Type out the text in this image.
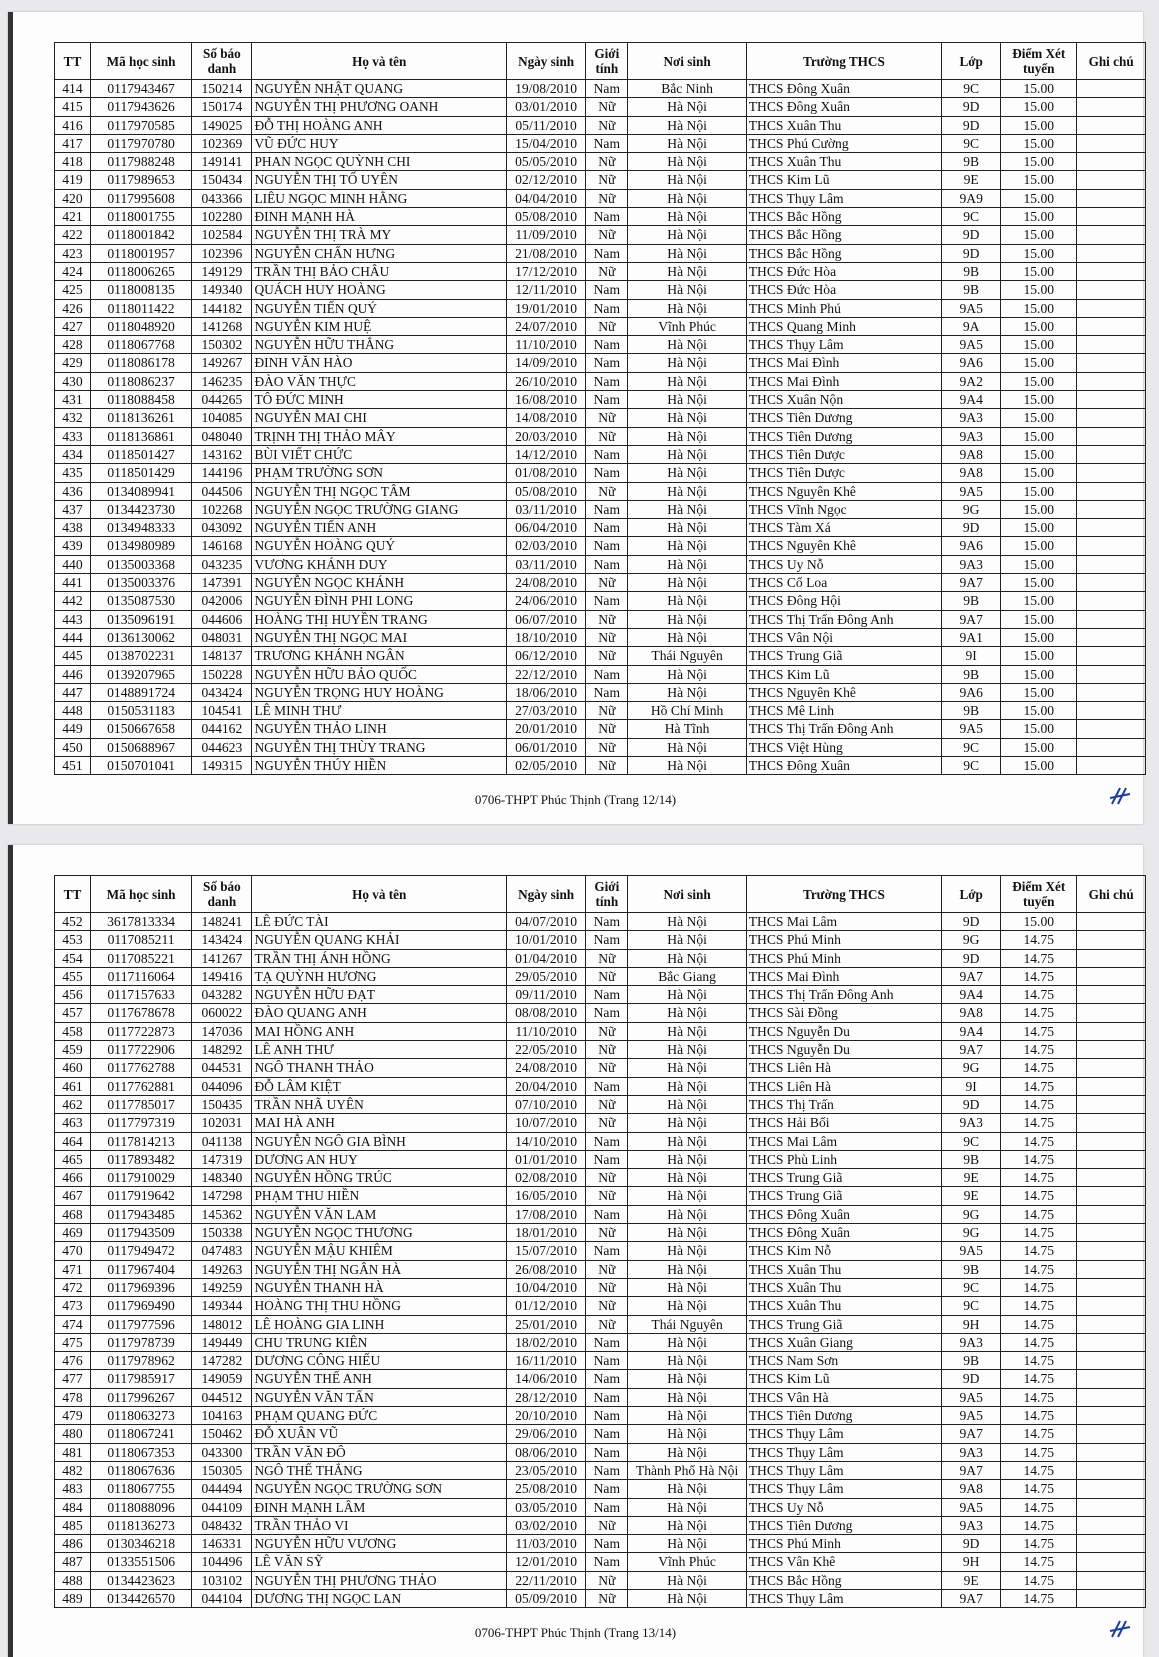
TT	Mã học sinh	Số báo danh	Họ và tên	Ngày sinh	Giới tính	Nơi sinh	Trường THCS	Lớp	Điểm Xét tuyển	Ghi chú
414	0117943467	150214	NGUYỄN NHẬT QUANG	19/08/2010	Nam	Bắc Ninh	THCS Đông Xuân	9C	15.00	
415	0117943626	150174	NGUYỄN THỊ PHƯƠNG OANH	03/01/2010	Nữ	Hà Nội	THCS Đông Xuân	9D	15.00	
416	0117970585	149025	ĐỖ THỊ HOÀNG ANH	05/11/2010	Nữ	Hà Nội	THCS Xuân Thu	9D	15.00	
417	0117970780	102369	VŨ ĐỨC HUY	15/04/2010	Nam	Hà Nội	THCS Phú Cường	9C	15.00	
418	0117988248	149141	PHAN NGỌC QUỲNH CHI	05/05/2010	Nữ	Hà Nội	THCS Xuân Thu	9B	15.00	
419	0117989653	150434	NGUYỄN THỊ TỐ UYÊN	02/12/2010	Nữ	Hà Nội	THCS Kim Lũ	9E	15.00	
420	0117995608	043366	LIÊU NGỌC MINH HẰNG	04/04/2010	Nữ	Hà Nội	THCS Thụy Lâm	9A9	15.00	
421	0118001755	102280	ĐINH MẠNH HÀ	05/08/2010	Nam	Hà Nội	THCS Bắc Hồng	9C	15.00	
422	0118001842	102584	NGUYỄN THỊ TRÀ MY	11/09/2010	Nữ	Hà Nội	THCS Bắc Hồng	9D	15.00	
423	0118001957	102396	NGUYỄN CHẤN HƯNG	21/08/2010	Nam	Hà Nội	THCS Bắc Hồng	9D	15.00	
424	0118006265	149129	TRẦN THỊ BẢO CHÂU	17/12/2010	Nữ	Hà Nội	THCS Đức Hòa	9B	15.00	
425	0118008135	149340	QUÁCH HUY HOÀNG	12/11/2010	Nam	Hà Nội	THCS Đức Hòa	9B	15.00	
426	0118011422	144182	NGUYỄN TIẾN QUÝ	19/01/2010	Nam	Hà Nội	THCS Minh Phú	9A5	15.00	
427	0118048920	141268	NGUYỄN KIM HUỆ	24/07/2010	Nữ	Vĩnh Phúc	THCS Quang Minh	9A	15.00	
428	0118067768	150302	NGUYỄN HỮU THẮNG	11/10/2010	Nam	Hà Nội	THCS Thụy Lâm	9A5	15.00	
429	0118086178	149267	ĐINH VĂN HÀO	14/09/2010	Nam	Hà Nội	THCS Mai Đình	9A6	15.00	
430	0118086237	146235	ĐÀO VĂN THỰC	26/10/2010	Nam	Hà Nội	THCS Mai Đình	9A2	15.00	
431	0118088458	044265	TÔ ĐỨC MINH	16/08/2010	Nam	Hà Nội	THCS Xuân Nộn	9A4	15.00	
432	0118136261	104085	NGUYỄN MAI CHI	14/08/2010	Nữ	Hà Nội	THCS Tiên Dương	9A3	15.00	
433	0118136861	048040	TRỊNH THỊ THẢO MÂY	20/03/2010	Nữ	Hà Nội	THCS Tiên Dương	9A3	15.00	
434	0118501427	143162	BÙI VIẾT CHỨC	14/12/2010	Nam	Hà Nội	THCS Tiên Dược	9A8	15.00	
435	0118501429	144196	PHẠM TRƯỜNG SƠN	01/08/2010	Nam	Hà Nội	THCS Tiên Dược	9A8	15.00	
436	0134089941	044506	NGUYỄN THỊ NGỌC TÂM	05/08/2010	Nữ	Hà Nội	THCS Nguyên Khê	9A5	15.00	
437	0134423730	102268	NGUYỄN NGỌC TRƯỜNG GIANG	03/11/2010	Nam	Hà Nội	THCS Vĩnh Ngọc	9G	15.00	
438	0134948333	043092	NGUYỄN TIẾN ANH	06/04/2010	Nam	Hà Nội	THCS Tàm Xá	9D	15.00	
439	0134980989	146168	NGUYỄN HOÀNG QUÝ	02/03/2010	Nam	Hà Nội	THCS Nguyên Khê	9A6	15.00	
440	0135003368	043235	VƯƠNG KHÁNH DUY	03/11/2010	Nam	Hà Nội	THCS Uy Nỗ	9A3	15.00	
441	0135003376	147391	NGUYỄN NGỌC KHÁNH	24/08/2010	Nữ	Hà Nội	THCS Cổ Loa	9A7	15.00	
442	0135087530	042006	NGUYỄN ĐÌNH PHI LONG	24/06/2010	Nam	Hà Nội	THCS Đông Hội	9B	15.00	
443	0135096191	044606	HOÀNG THỊ HUYỀN TRANG	06/07/2010	Nữ	Hà Nội	THCS Thị Trấn Đông Anh	9A7	15.00	
444	0136130062	048031	NGUYỄN THỊ NGỌC MAI	18/10/2010	Nữ	Hà Nội	THCS Vân Nội	9A1	15.00	
445	0138702231	148137	TRƯƠNG KHÁNH NGÂN	06/12/2010	Nữ	Thái Nguyên	THCS Trung Giã	9I	15.00	
446	0139207965	150228	NGUYỄN HỮU BẢO QUỐC	22/12/2010	Nam	Hà Nội	THCS Kim Lũ	9B	15.00	
447	0148891724	043424	NGUYỄN TRỌNG HUY HOÀNG	18/06/2010	Nam	Hà Nội	THCS Nguyên Khê	9A6	15.00	
448	0150531183	104541	LÊ MINH THƯ	27/03/2010	Nữ	Hồ Chí Minh	THCS Mê Linh	9B	15.00	
449	0150667658	044162	NGUYỄN THẢO LINH	20/01/2010	Nữ	Hà Tĩnh	THCS Thị Trấn Đông Anh	9A5	15.00	
450	0150688967	044623	NGUYỄN THỊ THÙY TRANG	06/01/2010	Nữ	Hà Nội	THCS Việt Hùng	9C	15.00	
451	0150701041	149315	NGUYỄN THÚY HIỀN	02/05/2010	Nữ	Hà Nội	THCS Đông Xuân	9C	15.00	
0706-THPT Phúc Thịnh (Trang 12/14)
TT	Mã học sinh	Số báo danh	Họ và tên	Ngày sinh	Giới tính	Nơi sinh	Trường THCS	Lớp	Điểm Xét tuyển	Ghi chú
452	3617813334	148241	LÊ ĐỨC TÀI	04/07/2010	Nam	Hà Nội	THCS Mai Lâm	9D	15.00	
453	0117085211	143424	NGUYỄN QUANG KHẢI	10/01/2010	Nam	Hà Nội	THCS Phú Minh	9G	14.75	
454	0117085221	141267	TRẦN THỊ ÁNH HỒNG	01/04/2010	Nữ	Hà Nội	THCS Phú Minh	9D	14.75	
455	0117116064	149416	TẠ QUỲNH HƯƠNG	29/05/2010	Nữ	Bắc Giang	THCS Mai Đình	9A7	14.75	
456	0117157633	043282	NGUYỄN HỮU ĐẠT	09/11/2010	Nam	Hà Nội	THCS Thị Trấn Đông Anh	9A4	14.75	
457	0117678678	060022	ĐÀO QUANG ANH	08/08/2010	Nam	Hà Nội	THCS Sài Đồng	9A8	14.75	
458	0117722873	147036	MAI HỒNG ANH	11/10/2010	Nữ	Hà Nội	THCS Nguyễn Du	9A4	14.75	
459	0117722906	148292	LÊ ANH THƯ	22/05/2010	Nữ	Hà Nội	THCS Nguyễn Du	9A7	14.75	
460	0117762788	044531	NGÔ THANH THẢO	24/08/2010	Nữ	Hà Nội	THCS Liên Hà	9G	14.75	
461	0117762881	044096	ĐỖ LÂM KIỆT	20/04/2010	Nam	Hà Nội	THCS Liên Hà	9I	14.75	
462	0117785017	150435	TRẦN NHÃ UYÊN	07/10/2010	Nữ	Hà Nội	THCS Thị Trấn	9D	14.75	
463	0117797319	102031	MAI HÀ ANH	10/07/2010	Nữ	Hà Nội	THCS Hải Bối	9A3	14.75	
464	0117814213	041138	NGUYỄN NGÔ GIA BÌNH	14/10/2010	Nam	Hà Nội	THCS Mai Lâm	9C	14.75	
465	0117893482	147319	DƯƠNG AN HUY	01/01/2010	Nam	Hà Nội	THCS Phù Linh	9B	14.75	
466	0117910029	148340	NGUYỄN HỒNG TRÚC	02/08/2010	Nữ	Hà Nội	THCS Trung Giã	9E	14.75	
467	0117919642	147298	PHẠM THU HIỀN	16/05/2010	Nữ	Hà Nội	THCS Trung Giã	9E	14.75	
468	0117943485	145362	NGUYỄN VĂN LAM	17/08/2010	Nam	Hà Nội	THCS Đông Xuân	9G	14.75	
469	0117943509	150338	NGUYỄN NGỌC THƯƠNG	18/01/2010	Nữ	Hà Nội	THCS Đông Xuân	9G	14.75	
470	0117949472	047483	NGUYỄN MẬU KHIÊM	15/07/2010	Nam	Hà Nội	THCS Kim Nỗ	9A5	14.75	
471	0117967404	149263	NGUYỄN THỊ NGÂN HÀ	26/08/2010	Nữ	Hà Nội	THCS Xuân Thu	9B	14.75	
472	0117969396	149259	NGUYỄN THANH HÀ	10/04/2010	Nữ	Hà Nội	THCS Xuân Thu	9C	14.75	
473	0117969490	149344	HOÀNG THỊ THU HỒNG	01/12/2010	Nữ	Hà Nội	THCS Xuân Thu	9C	14.75	
474	0117977596	148012	LÊ HOÀNG GIA LINH	25/01/2010	Nữ	Thái Nguyên	THCS Trung Giã	9H	14.75	
475	0117978739	149449	CHU TRUNG KIÊN	18/02/2010	Nam	Hà Nội	THCS Xuân Giang	9A3	14.75	
476	0117978962	147282	DƯƠNG CÔNG HIẾU	16/11/2010	Nam	Hà Nội	THCS Nam Sơn	9B	14.75	
477	0117985917	149059	NGUYỄN THẾ ANH	14/06/2010	Nam	Hà Nội	THCS Kim Lũ	9D	14.75	
478	0117996267	044512	NGUYỄN VĂN TẤN	28/12/2010	Nam	Hà Nội	THCS Vân Hà	9A5	14.75	
479	0118063273	104163	PHẠM QUANG ĐỨC	20/10/2010	Nam	Hà Nội	THCS Tiên Dương	9A5	14.75	
480	0118067241	150462	ĐỖ XUÂN VŨ	29/06/2010	Nam	Hà Nội	THCS Thụy Lâm	9A7	14.75	
481	0118067353	043300	TRẦN VĂN ĐÔ	08/06/2010	Nam	Hà Nội	THCS Thụy Lâm	9A3	14.75	
482	0118067636	150305	NGÔ THẾ THẮNG	23/05/2010	Nam	Thành Phố Hà Nội	THCS Thụy Lâm	9A7	14.75	
483	0118067755	044494	NGUYỄN NGỌC TRƯỜNG SƠN	25/08/2010	Nam	Hà Nội	THCS Thụy Lâm	9A8	14.75	
484	0118088096	044109	ĐINH MẠNH LÂM	03/05/2010	Nam	Hà Nội	THCS Uy Nỗ	9A5	14.75	
485	0118136273	048432	TRẦN THẢO VI	03/02/2010	Nữ	Hà Nội	THCS Tiên Dương	9A3	14.75	
486	0130346218	146331	NGUYỄN HỮU VƯƠNG	11/03/2010	Nam	Hà Nội	THCS Phú Minh	9D	14.75	
487	0133551506	104496	LÊ VĂN SỸ	12/01/2010	Nam	Vĩnh Phúc	THCS Vân Khê	9H	14.75	
488	0134423623	103102	NGUYỄN THỊ PHƯƠNG THẢO	22/11/2010	Nữ	Hà Nội	THCS Bắc Hồng	9E	14.75	
489	0134426570	044104	DƯƠNG THỊ NGỌC LAN	05/09/2010	Nữ	Hà Nội	THCS Thụy Lâm	9A7	14.75	
0706-THPT Phúc Thịnh (Trang 13/14)
